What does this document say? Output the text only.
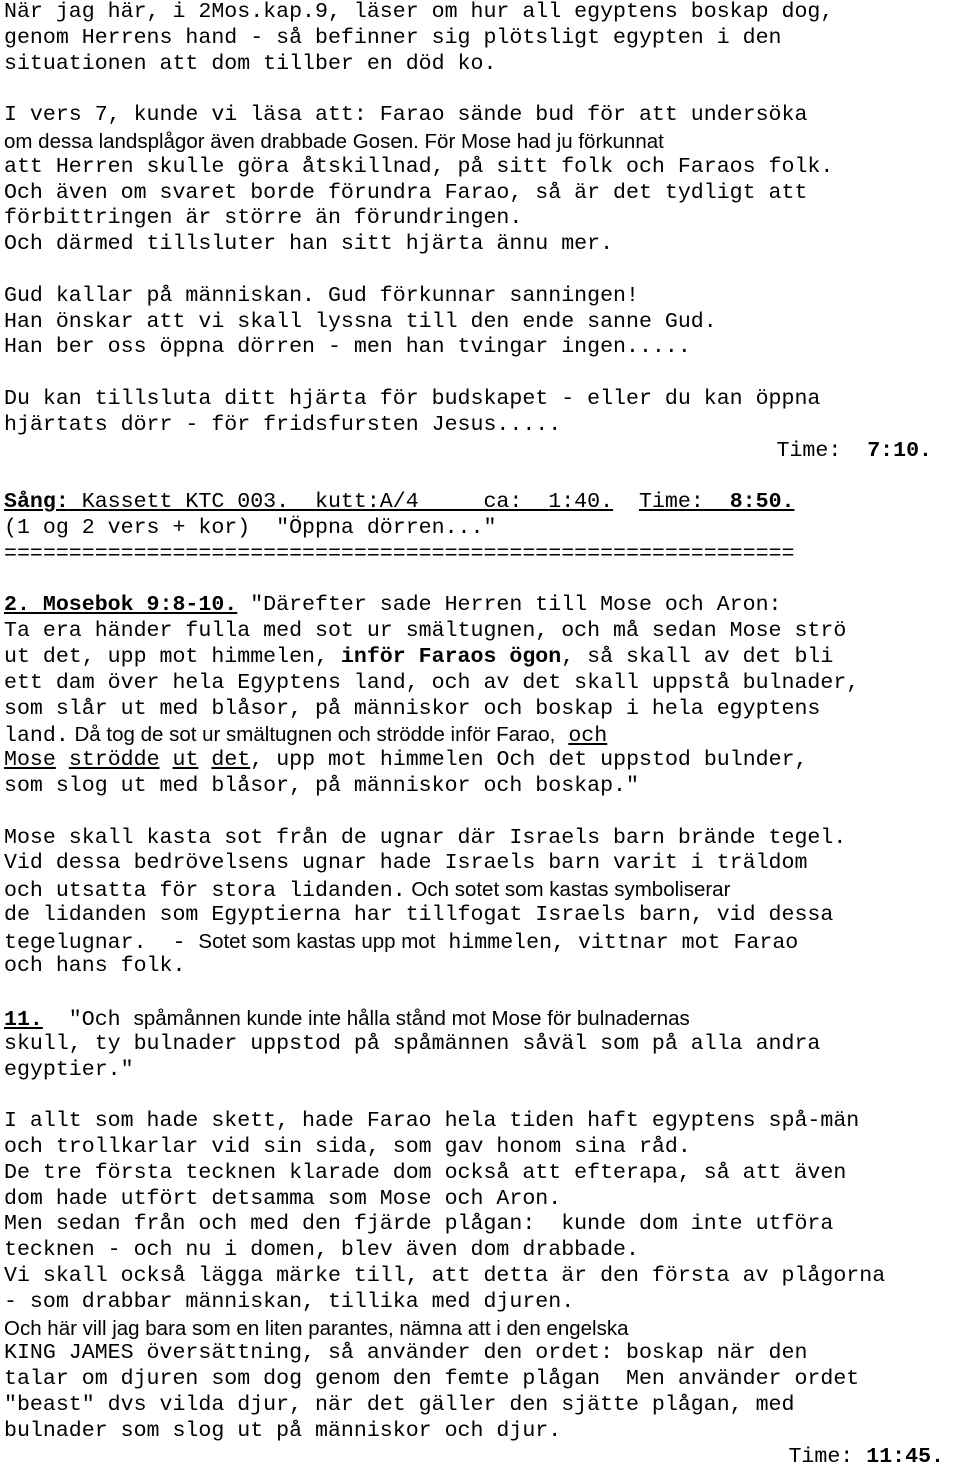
När jag här, i 2Mos.kap.9, läser om hur all egyptens boskap dog,
genom Herrens hand - så befinner sig plötsligt egypten i den
situationen att dom tillber en död ko.
I vers 7, kunde vi läsa att: Farao sände bud för att undersöka
om dessa landsplågor även drabbade Gosen. För Mose had ju förkunnat
att Herren skulle göra åtskillnad, på sitt folk och Faraos folk.
Och även om svaret borde förundra Farao, så är det tydligt att
förbittringen är större än förundringen.
Och därmed tillsluter han sitt hjärta ännu mer.
Gud kallar på människan. Gud förkunnar sanningen!
Han önskar att vi skall lyssna till den ende sanne Gud.
Han ber oss öppna dörren - men han tvingar ingen.....
Du kan tillsluta ditt hjärta för budskapet - eller du kan öppna
hjärtats dörr - för fridsfursten Jesus.....
Time: 7:10.
Sång: Kassett KTC 003.  kutt:A/4     ca:  1:40. Time: 8:50.
(1 og 2 vers + kor)  "Öppna dörren..."
=============================================================
2. Mosebok 9:8-10. "Därefter sade Herren till Mose och Aron:
Ta era händer fulla med sot ur smältugnen, och må sedan Mose strö
ut det, upp mot himmelen, inför Faraos ögon, så skall av det bli
ett dam över hela Egyptens land, och av det skall uppstå bulnader,
som slår ut med blåsor, på människor och boskap i hela egyptens
land. Då tog de sot ur smältugnen och strödde inför Farao, och
Mose strödde ut det, upp mot himmelen Och det uppstod bulnder,
som slog ut med blåsor, på människor och boskap."
Mose skall kasta sot från de ugnar där Israels barn brände tegel.
Vid dessa bedrövelsens ugnar hade Israels barn varit i träldom
och utsatta för stora lidanden. Och sotet som kastas symboliserar
de lidanden som Egyptierna har tillfogat Israels barn, vid dessa
tegelugnar.  - Sotet som kastas upp mot himmelen, vittnar mot Farao
och hans folk.
11.  "Och spåmånnen kunde inte hålla stånd mot Mose för bulnadernas
skull, ty bulnader uppstod på spåmännen såväl som på alla andra
egyptier."
I allt som hade skett, hade Farao hela tiden haft egyptens spå-män
och trollkarlar vid sin sida, som gav honom sina råd.
De tre första tecknen klarade dom också att efterapa, så att även
dom hade utfört detsamma som Mose och Aron.
Men sedan från och med den fjärde plågan:  kunde dom inte utföra
tecknen - och nu i domen, blev även dom drabbade.
Vi skall också lägga märke till, att detta är den första av plågorna
- som drabbar människan, tillika med djuren.
Och här vill jag bara som en liten parantes, nämna att i den engelska
KING JAMES översättning, så använder den ordet: boskap när den
talar om djuren som dog genom den femte plågan  Men använder ordet
"beast" dvs vilda djur, när det gäller den sjätte plågan, med
bulnader som slog ut på människor och djur.
Time: 11:45.
